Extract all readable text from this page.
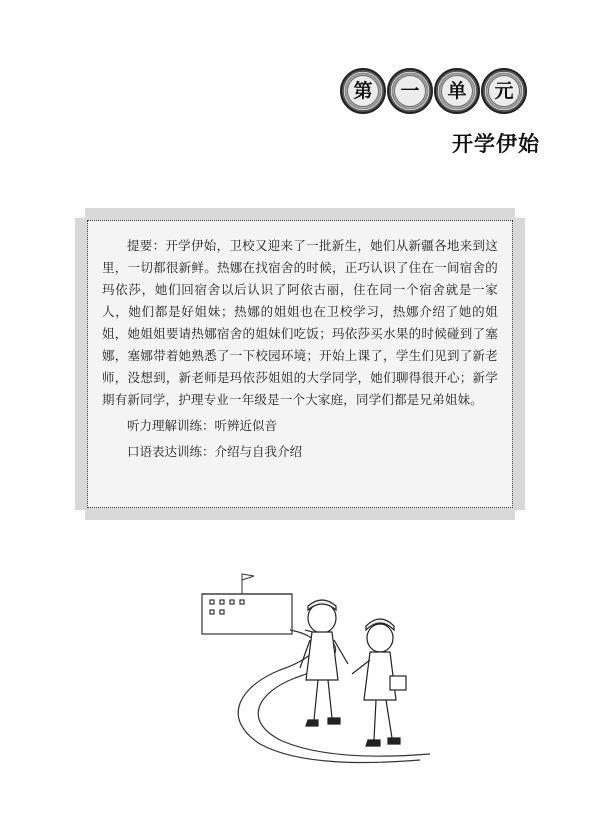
第	一	单	元
开学伊始

提要：开学伊始，卫校又迎来了一批新生，她们从新疆各地来到这里，一切都很新鲜。热娜在找宿舍的时候，正巧认识了住在一间宿舍的玛依莎，她们回宿舍以后认识了阿依古丽，住在同一个宿舍就是一家人，她们都是好姐妹；热娜的姐姐也在卫校学习，热娜介绍了她的姐姐，她姐姐要请热娜宿舍的姐妹们吃饭；玛依莎买水果的时候碰到了塞娜，塞娜带着她熟悉了一下校园环境；开始上课了，学生们见到了新老师，没想到，新老师是玛依莎姐姐的大学同学，她们聊得很开心；新学期有新同学，护理专业一年级是一个大家庭，同学们都是兄弟姐妹。

听力理解训练：听辨近似音

口语表达训练：介绍与自我介绍
